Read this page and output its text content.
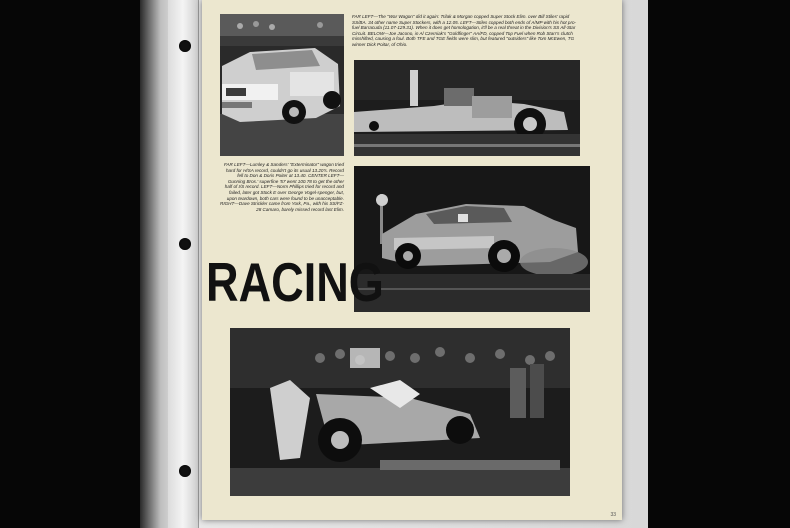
FAR LEFT—The "War Wagon" did it again: Trilak & Morgan copped Super Stock Elim. over Bill Stiles' rapid SS/BA. 34 other name Super Stockers, with a 12.05. LEFT—Stiles copped both ends of A/MP with his hot pro-fuel Barracuda (11.07-129.31). When it does get homologation, it'll be a real threat in the Division's SS All-Star Circuit. BELOW—Joe Jacono, in Al Czerniak's "Goldfinger" AA/FD, copped Top Fuel when Rob Starr's clutch misshifted, causing a foul. Both TFE and TGE fields were slim, but featured "outsiders" like Tom McEwen, TG winner Dick Poitar, of Ohio.

FAR LEFT—Lumley & Sanders' "Exterminator" wagon tried hard for H/SA record, couldn't go its usual 13.20's. Record fell to Don & Doris Poiter at 13.40. CENTER LEFT—Gunning Bros.' superfine '57 went 100.78 to get the other half of I/S record. LEFT—Norm Phillips tried for record and failed, later got Stock E over George Vogel-spenger, but, upon teardown, both cars were found to be unacceptable. RIGHT—Dave Strickler came from York, Pa., with his SS/FZ-28 Camaro, barely missed record last Elim.

RACING
33
